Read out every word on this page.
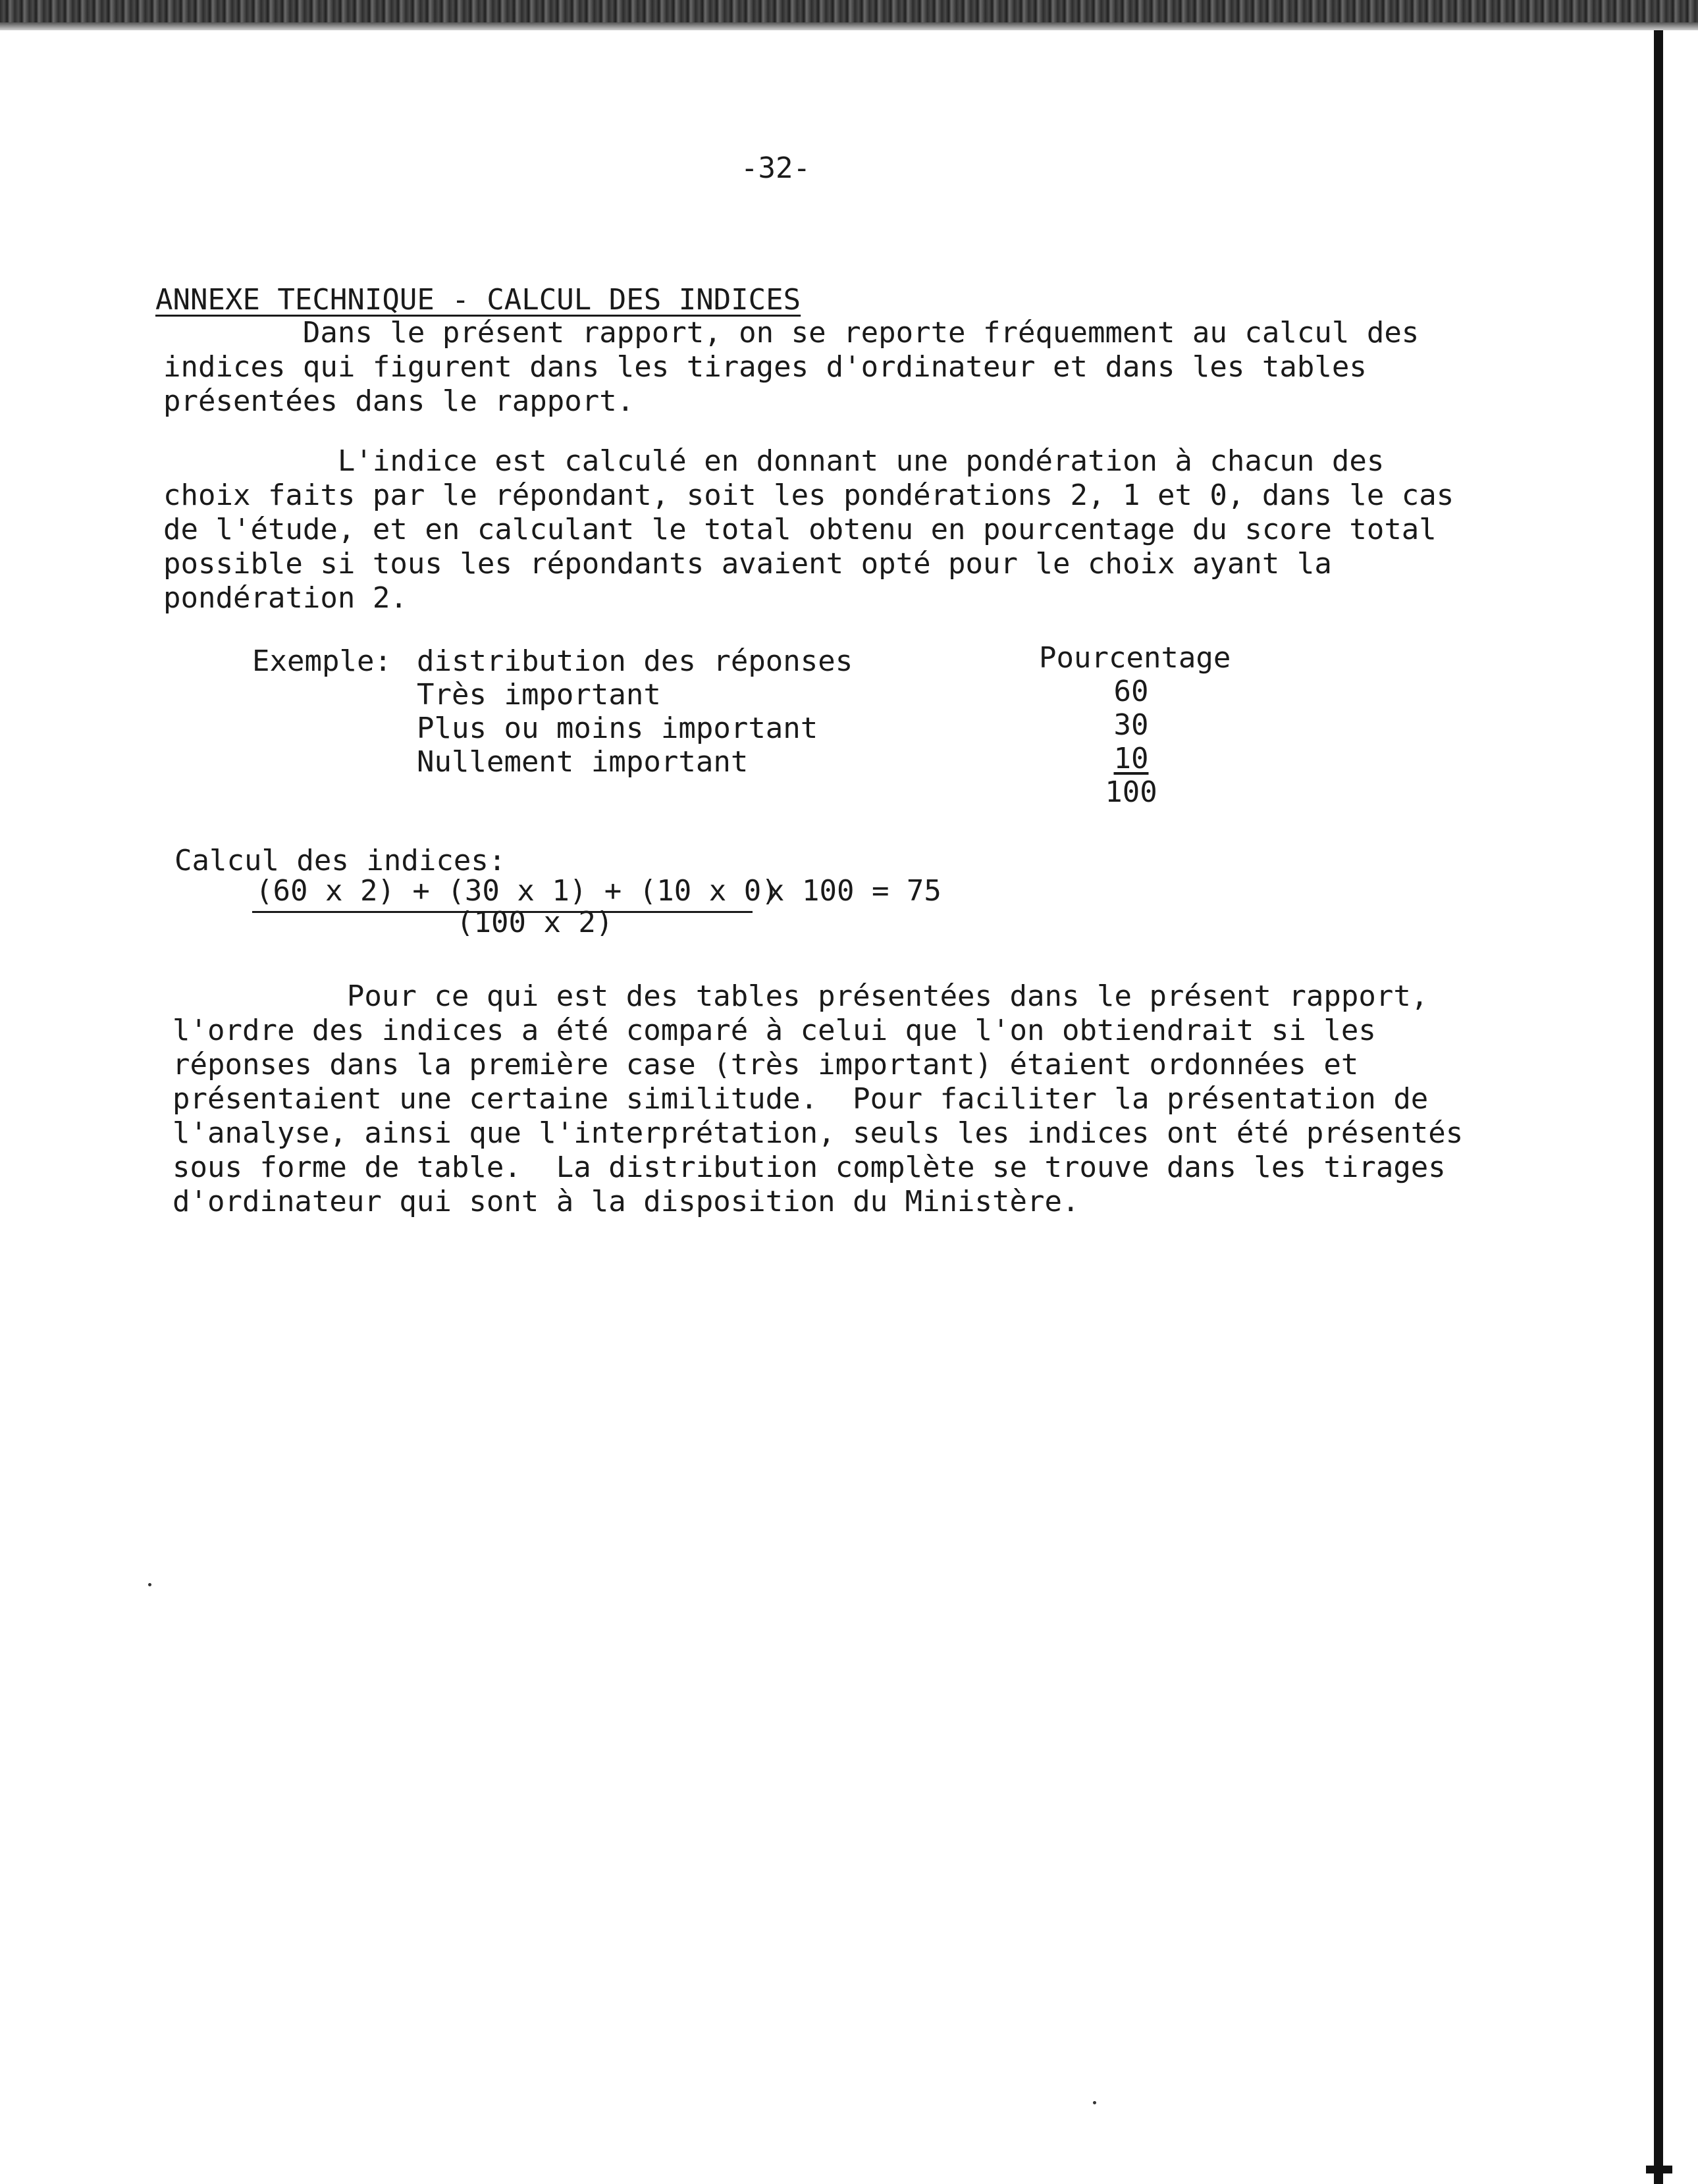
-32-
ANNEXE TECHNIQUE - CALCUL DES INDICES
Dans le présent rapport, on se reporte fréquemment au calcul des
indices qui figurent dans les tirages d'ordinateur et dans les tables
présentées dans le rapport.
L'indice est calculé en donnant une pondération à chacun des
choix faits par le répondant, soit les pondérations 2, 1 et 0, dans le cas
de l'étude, et en calculant le total obtenu en pourcentage du score total
possible si tous les répondants avaient opté pour le choix ayant la
pondération 2.
Exemple: distribution des réponses
Très important
Plus ou moins important
Nullement important
Pourcentage
60
30
10
100
Calcul des indices:
(60 x 2) + (30 x 1) + (10 x 0)
(100 x 2)
x 100 = 75
Pour ce qui est des tables présentées dans le présent rapport,
l'ordre des indices a été comparé à celui que l'on obtiendrait si les
réponses dans la première case (très important) étaient ordonnées et
présentaient une certaine similitude.  Pour faciliter la présentation de
l'analyse, ainsi que l'interprétation, seuls les indices ont été présentés
sous forme de table.  La distribution complète se trouve dans les tirages
d'ordinateur qui sont à la disposition du Ministère.
